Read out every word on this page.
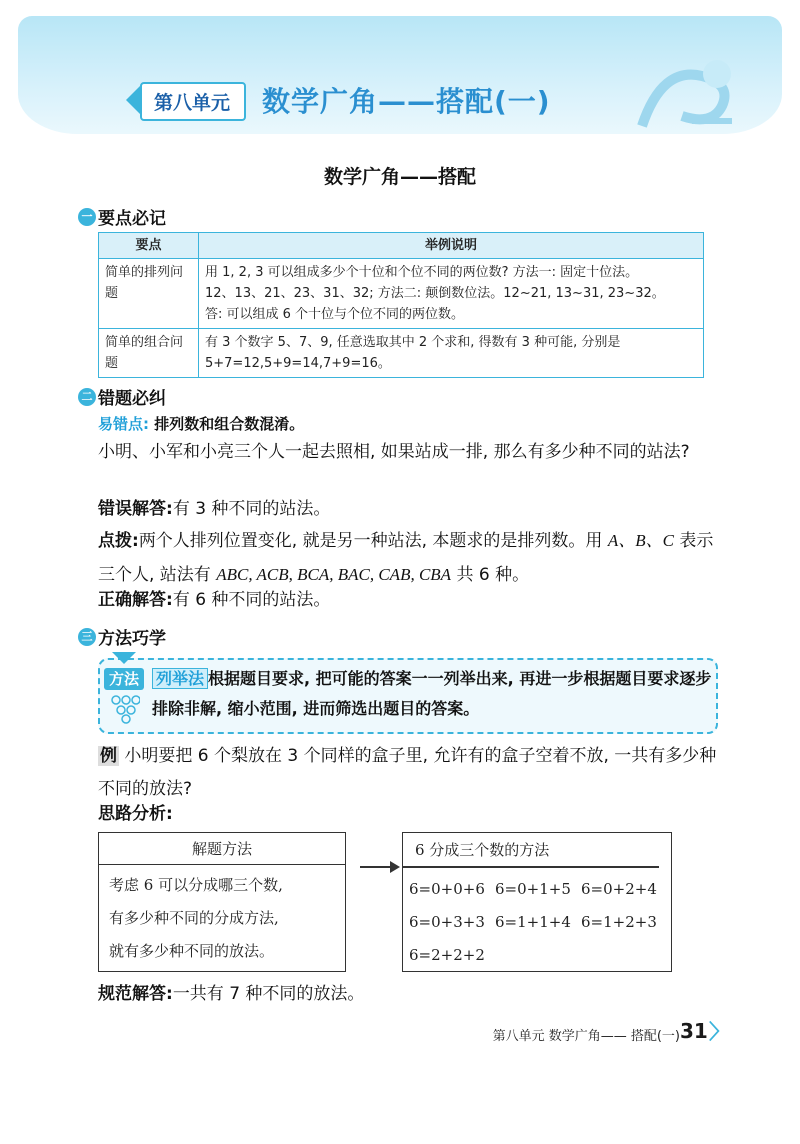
第八单元	数学广角——搭配(一)
数学广角——搭配
一 要点必记
要点	举例说明
简单的排列问题	用 1, 2, 3 可以组成多少个十位和个位不同的两位数? 方法一: 固定十位法。
12、13、21、23、31、32; 方法二: 颠倒数位法。12~21, 13~31, 23~32。
答: 可以组成 6 个十位与个位不同的两位数。

简单的组合问题	有 3 个数字 5、7、9, 任意选取其中 2 个求和, 得数有 3 种可能, 分别是
5+7=12,5+9=14,7+9=16。
二 错题必纠
易错点: 排列数和组合数混淆。
小明、小军和小亮三个人一起去照相, 如果站成一排, 那么有多少种不同的站法?
错误解答:有 3 种不同的站法。
点拨:两个人排列位置变化, 就是另一种站法, 本题求的是排列数。用 A、B、C 表示三个人, 站法有 ABC, ACB, BCA, BAC, CAB, CBA 共 6 种。
正确解答:有 6 种不同的站法。
三 方法巧学
方法	列举法 根据题目要求, 把可能的答案一一列举出来, 再进一步根据题目要求逐步排除非解, 缩小范围, 进而筛选出题目的答案。
例 小明要把 6 个梨放在 3 个同样的盒子里, 允许有的盒子空着不放, 一共有多少种不同的放法?
思路分析:
解题方法
考虑 6 可以分成哪三个数,
有多少种不同的分成方法,
就有多少种不同的放法。
6 分成三个数的方法
6=0+0+6 6=0+1+5 6=0+2+4
6=0+3+3 6=1+1+4 6=1+2+3
6=2+2+2
规范解答:一共有 7 种不同的放法。
第八单元 数学广角—— 搭配(一) 31
